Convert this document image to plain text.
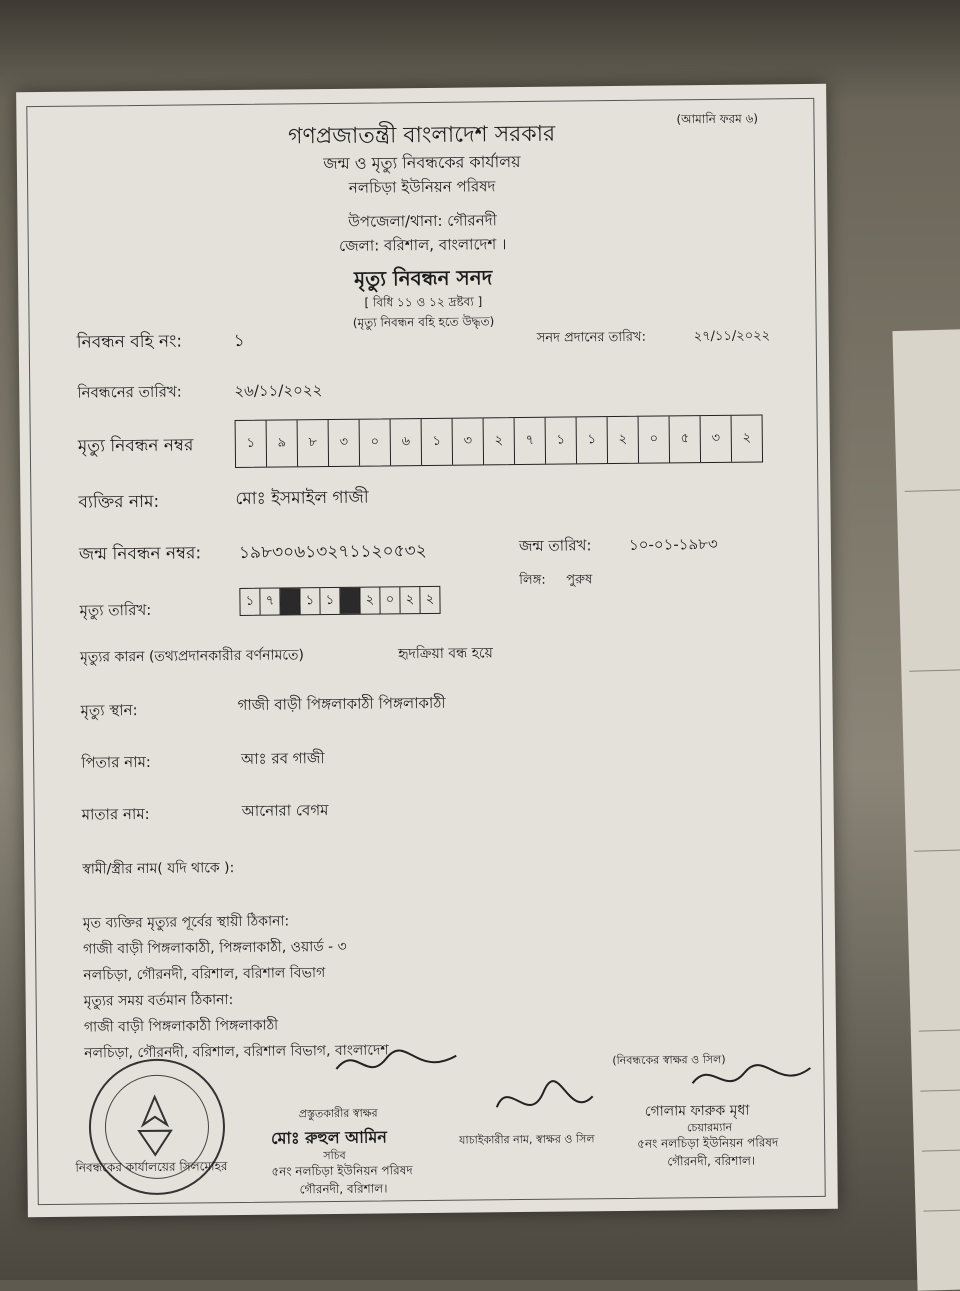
গণপ্রজাতন্ত্রী বাংলাদেশ সরকার
(আমানি ফরম ৬)
জন্ম ও মৃত্যু নিবন্ধকের কার্যালয়
নলচিড়া ইউনিয়ন পরিষদ
উপজেলা/থানা: গৌরনদী
জেলা: বরিশাল, বাংলাদেশ ।
মৃত্যু নিবন্ধন সনদ
[ বিধি ১১ ও ১২ দ্রষ্টব্য ]
(মৃত্যু নিবন্ধন বহি হতে উদ্ধৃত)
নিবন্ধন বহি নং:	১	সনদ প্রদানের তারিখ:	২৭/১১/২০২২
নিবন্ধনের তারিখ:	২৬/১১/২০২২
মৃত্যু নিবন্ধন নম্বর	১	৯	৮	৩	০	৬	১	৩	২	৭	১	১	২	০	৫	৩	২
ব্যক্তির নাম:	মোঃ ইসমাইল গাজী
জন্ম নিবন্ধন নম্বর: ১৯৮৩০৬১৩২৭১১২০৫৩২	জন্ম তারিখ: ১০-০১-১৯৮৩
লিঙ্গ: পুরুষ
মৃত্যু তারিখ:
১ ৭	১ ১	২ ০ ২ ২
মৃত্যুর কারন (তথ্যপ্রদানকারীর বর্ণনামতে)	হৃদক্রিয়া বন্ধ হয়ে
মৃত্যু স্থান:	গাজী বাড়ী পিঙ্গলাকাঠী পিঙ্গলাকাঠী
পিতার নাম:	আঃ রব গাজী
মাতার নাম:	আনোরা বেগম
স্বামী/স্ত্রীর নাম( যদি থাকে ):
মৃত ব্যক্তির মৃত্যুর পূর্বের স্থায়ী ঠিকানা:
গাজী বাড়ী পিঙ্গলাকাঠী, পিঙ্গলাকাঠী, ওয়ার্ড - ৩
নলচিড়া, গৌরনদী, বরিশাল, বরিশাল বিভাগ
মৃত্যুর সময় বর্তমান ঠিকানা:
গাজী বাড়ী পিঙ্গলাকাঠী পিঙ্গলাকাঠী
নলচিড়া, গৌরনদী, বরিশাল, বরিশাল বিভাগ, বাংলাদেশ
নিবন্ধকের কার্যালয়ের সিলমোহর
প্রস্তুতকারীর স্বাক্ষর
মোঃ রুহুল আমিন
সচিব
৫নং নলচিড়া ইউনিয়ন পরিষদ
গৌরনদী, বরিশাল।
যাচাইকারীর নাম, স্বাক্ষর ও সিল
(নিবন্ধকের স্বাক্ষর ও সিল)
গোলাম ফারুক মৃধা
চেয়ারম্যান
৫নং নলচিড়া ইউনিয়ন পরিষদ
গৌরনদী, বরিশাল।
